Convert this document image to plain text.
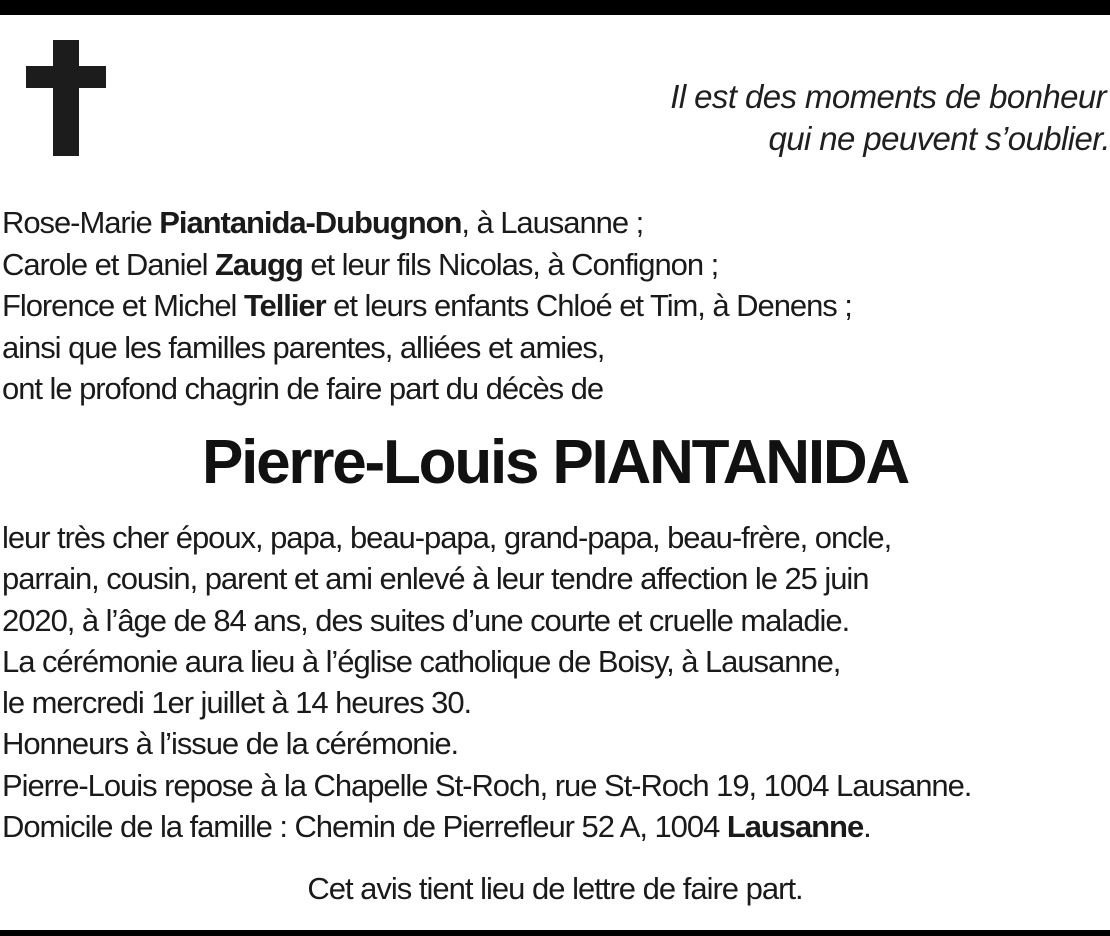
Il est des moments de bonheur
qui ne peuvent s’oublier.
Rose-Marie Piantanida-Dubugnon, à Lausanne ;
Carole et Daniel Zaugg et leur fils Nicolas, à Confignon ;
Florence et Michel Tellier et leurs enfants Chloé et Tim, à Denens ;
ainsi que les familles parentes, alliées et amies,
ont le profond chagrin de faire part du décès de
Pierre-Louis PIANTANIDA
leur très cher époux, papa, beau-papa, grand-papa, beau-frère, oncle,
parrain, cousin, parent et ami enlevé à leur tendre affection le 25 juin
2020, à l’âge de 84 ans, des suites d’une courte et cruelle maladie.
La cérémonie aura lieu à l’église catholique de Boisy, à Lausanne,
le mercredi 1er juillet à 14 heures 30.
Honneurs à l’issue de la cérémonie.
Pierre-Louis repose à la Chapelle St-Roch, rue St-Roch 19, 1004 Lausanne.
Domicile de la famille : Chemin de Pierrefleur 52 A, 1004 Lausanne.
Cet avis tient lieu de lettre de faire part.
